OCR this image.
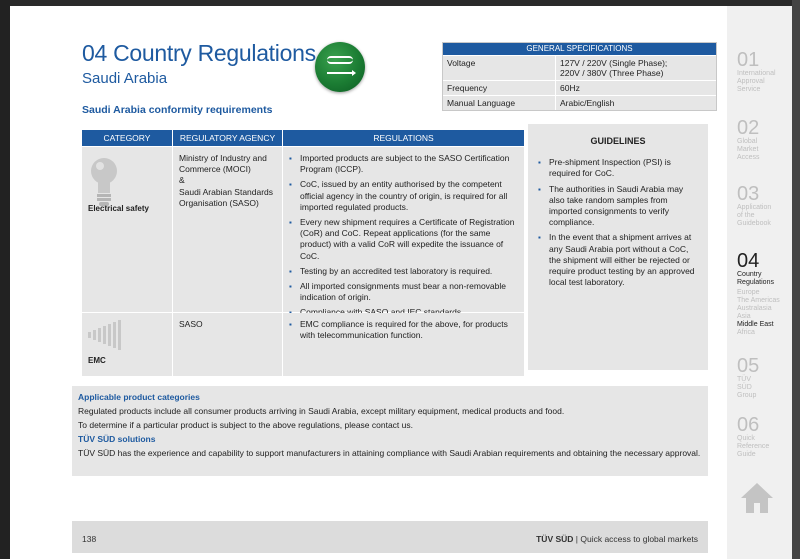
04 Country Regulations
Saudi Arabia
GENERAL SPECIFICATIONS
Voltage	127V / 220V (Single Phase);
220V / 380V (Three Phase)
Frequency	60Hz
Manual Language	Arabic/English
Saudi Arabia conformity requirements
CATEGORY	REGULATORY AGENCY	REGULATIONS
Electrical safety
Ministry of Industry and Commerce (MOCI)
&
Saudi Arabian Standards Organisation (SASO)
▪ Imported products are subject to the SASO Certification Program (ICCP).
▪ CoC, issued by an entity authorised by the competent official agency in the country of origin, is required for all imported regulated products.
▪ Every new shipment requires a Certificate of Registration (CoR) and CoC. Repeat applications (for the same product) with a valid CoR will expedite the issuance of CoC.
▪ Testing by an accredited test laboratory is required.
▪ All imported consignments must bear a non-removable indication of origin.
▪
EMC
SASO
▪	EMC compliance is required for the above, for products with telecommunication function.
GUIDELINES
▪ Pre-shipment Inspection (PSI) is required for CoC.
▪ The authorities in Saudi Arabia may also take random samples from imported consignments to verify compliance.
▪ In the event that a shipment arrives at any Saudi Arabia port without a CoC, the shipment will either be rejected or require product testing by an approved local test laboratory.
Applicable product categories
Regulated products include all consumer products arriving in Saudi Arabia, except military equipment, medical products and food.
To determine if a particular product is subject to the above regulations, please contact us.
TÜV SÜD solutions
TÜV SÜD has the experience and capability to support manufacturers in attaining compliance with Saudi Arabian requirements and obtaining the necessary approval.
138	TÜV SÜD | Quick access to global markets
01
International Approval Service
02
Global Market Access
03
Application of the Guidebook
04
Country Regulations
Europe
The Americas
Australasia
Asia
Middle East
Africa
05
TÜV SÜD Group
06
Quick Reference Guide
